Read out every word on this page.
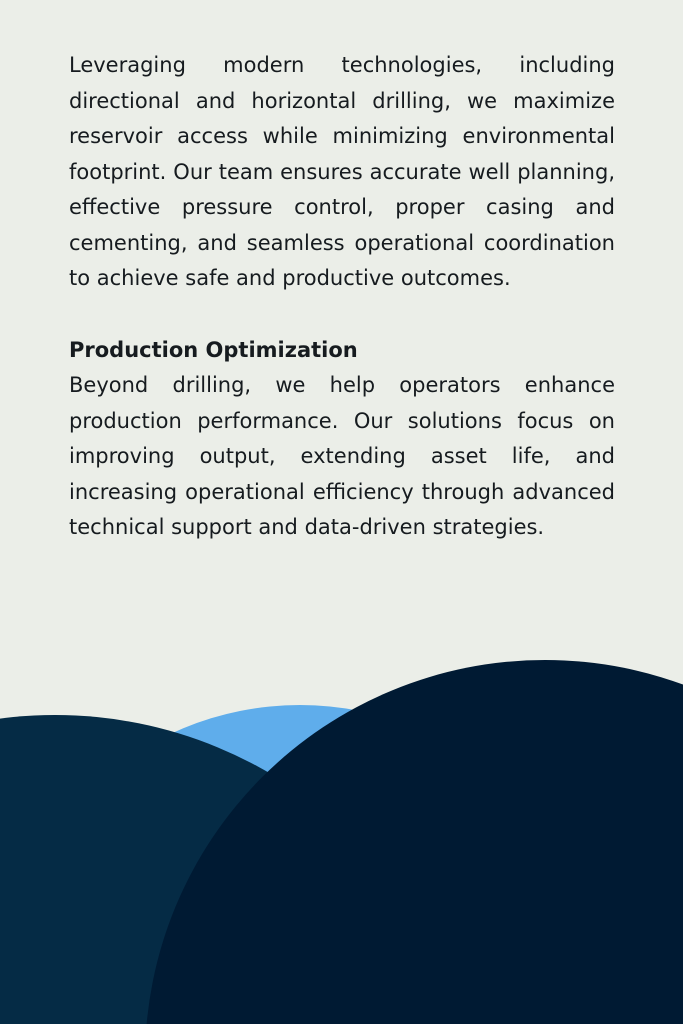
Leveraging modern technologies, including directional and horizontal drilling, we maximize reservoir access while minimizing environmental footprint. Our team ensures accurate well planning, effective pressure control, proper casing and cementing, and seamless operational coordination to achieve safe and productive outcomes.

Production Optimization

Beyond drilling, we help operators enhance production performance. Our solutions focus on improving output, extending asset life, and increasing operational efficiency through advanced technical support and data-driven strategies.
